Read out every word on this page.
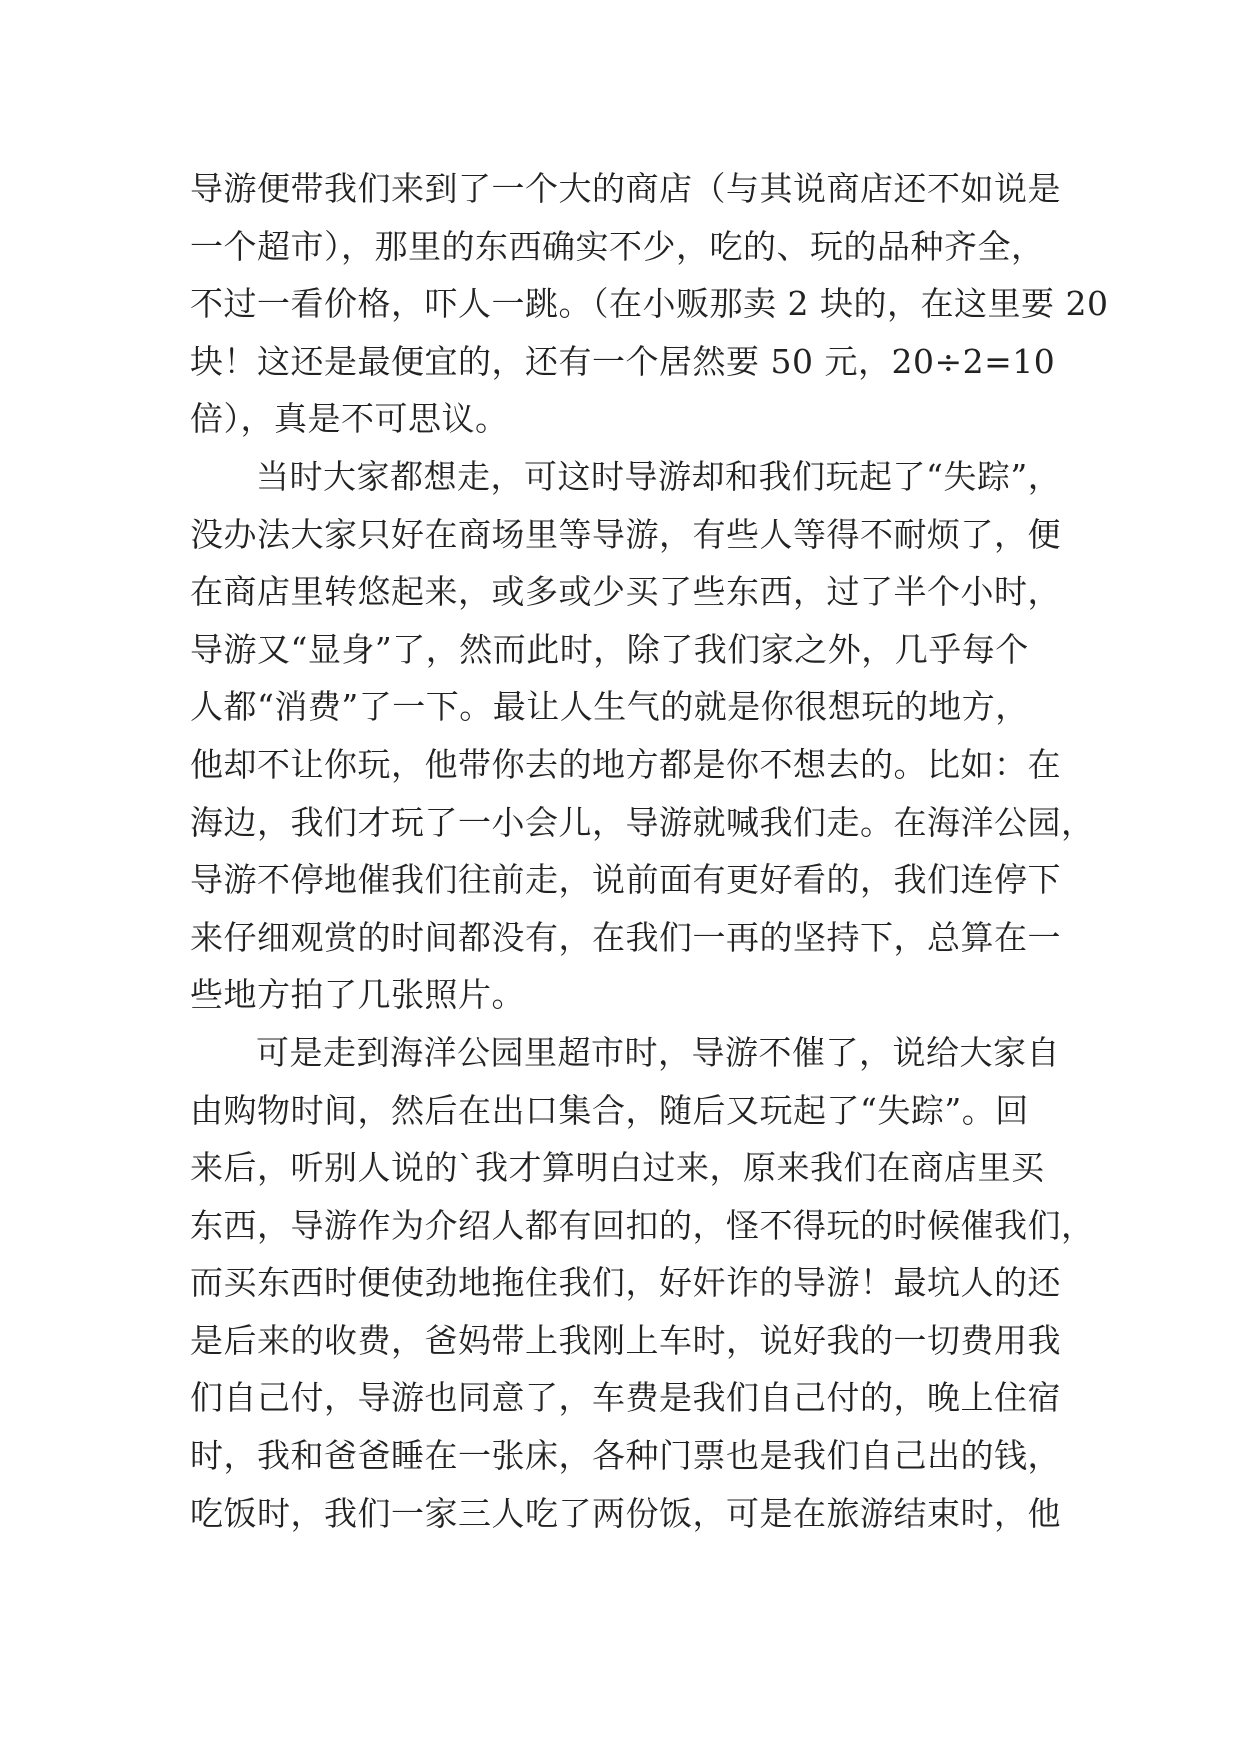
导游便带我们来到了一个大的商店（与其说商店还不如说是
一个超市），那里的东西确实不少，吃的、玩的品种齐全，
不过一看价格，吓人一跳。（在小贩那卖 2 块的，在这里要 20
块！这还是最便宜的，还有一个居然要 50 元，20÷2=10
倍），真是不可思议。
当时大家都想走，可这时导游却和我们玩起了“失踪”，
没办法大家只好在商场里等导游，有些人等得不耐烦了，便
在商店里转悠起来，或多或少买了些东西，过了半个小时，
导游又“显身”了，然而此时，除了我们家之外，几乎每个
人都“消费”了一下。最让人生气的就是你很想玩的地方，
他却不让你玩，他带你去的地方都是你不想去的。比如：在
海边，我们才玩了一小会儿，导游就喊我们走。在海洋公园，
导游不停地催我们往前走，说前面有更好看的，我们连停下
来仔细观赏的时间都没有，在我们一再的坚持下，总算在一
些地方拍了几张照片。
可是走到海洋公园里超市时，导游不催了，说给大家自
由购物时间，然后在出口集合，随后又玩起了“失踪”。回
来后，听别人说的`我才算明白过来，原来我们在商店里买
东西，导游作为介绍人都有回扣的，怪不得玩的时候催我们，
而买东西时便使劲地拖住我们，好奸诈的导游！最坑人的还
是后来的收费，爸妈带上我刚上车时，说好我的一切费用我
们自己付，导游也同意了，车费是我们自己付的，晚上住宿
时，我和爸爸睡在一张床，各种门票也是我们自己出的钱，
吃饭时，我们一家三人吃了两份饭，可是在旅游结束时，他
